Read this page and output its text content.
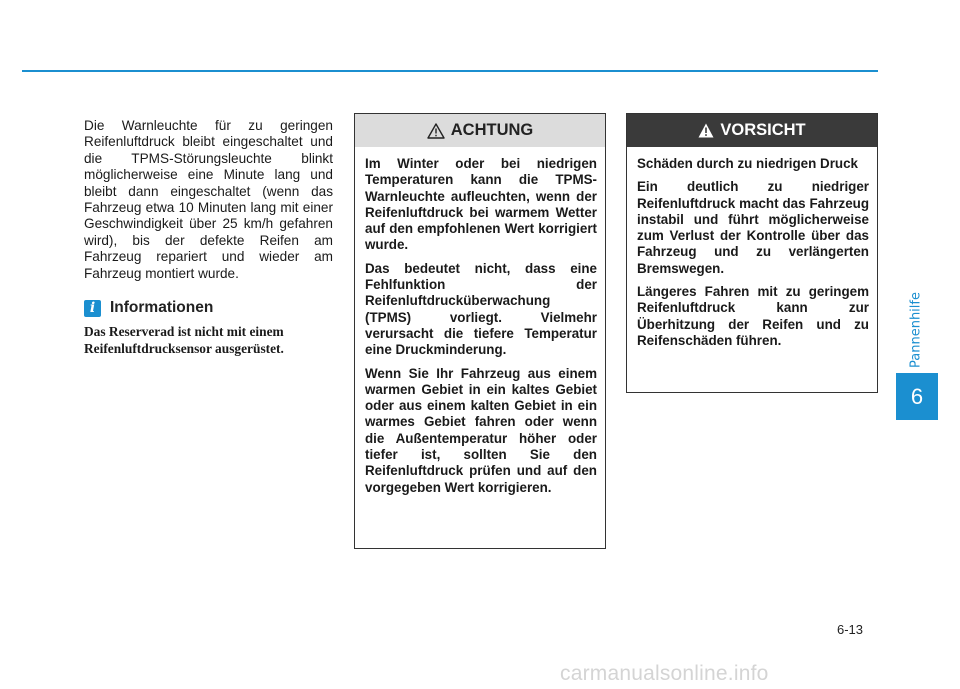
Pannenhilfe
6

Die Warnleuchte für zu geringen Reifenluftdruck bleibt eingeschaltet und die TPMS-Störungsleuchte blinkt möglicherweise eine Minute lang und bleibt dann eingeschaltet (wenn das Fahrzeug etwa 10 Minuten lang mit einer Geschwindigkeit über 25 km/h gefahren wird), bis der defekte Reifen am Fahrzeug repariert und wieder am Fahrzeug montiert wurde.

i Informationen

Das Reserverad ist nicht mit einem Reifenluftdrucksensor ausgerüstet.

ACHTUNG

Im Winter oder bei niedrigen Temperaturen kann die TPMS-Warnleuchte aufleuchten, wenn der Reifenluftdruck bei warmem Wetter auf den empfohlenen Wert korrigiert wurde.

Das bedeutet nicht, dass eine Fehlfunktion der Reifenluftdrucküberwachung (TPMS) vorliegt. Vielmehr verursacht die tiefere Temperatur eine Druckminderung.

Wenn Sie Ihr Fahrzeug aus einem warmen Gebiet in ein kaltes Gebiet oder aus einem kalten Gebiet in ein warmes Gebiet fahren oder wenn die Außentemperatur höher oder tiefer ist, sollten Sie den Reifenluftdruck prüfen und auf den vorgegeben Wert korrigieren.

VORSICHT

Schäden durch zu niedrigen Druck

Ein deutlich zu niedriger Reifenluftdruck macht das Fahrzeug instabil und führt möglicherweise zum Verlust der Kontrolle über das Fahrzeug und zu verlängerten Bremswegen.

Längeres Fahren mit zu geringem Reifenluftdruck kann zur Überhitzung der Reifen und zu Reifenschäden führen.

6-13
carmanualsonline.info
